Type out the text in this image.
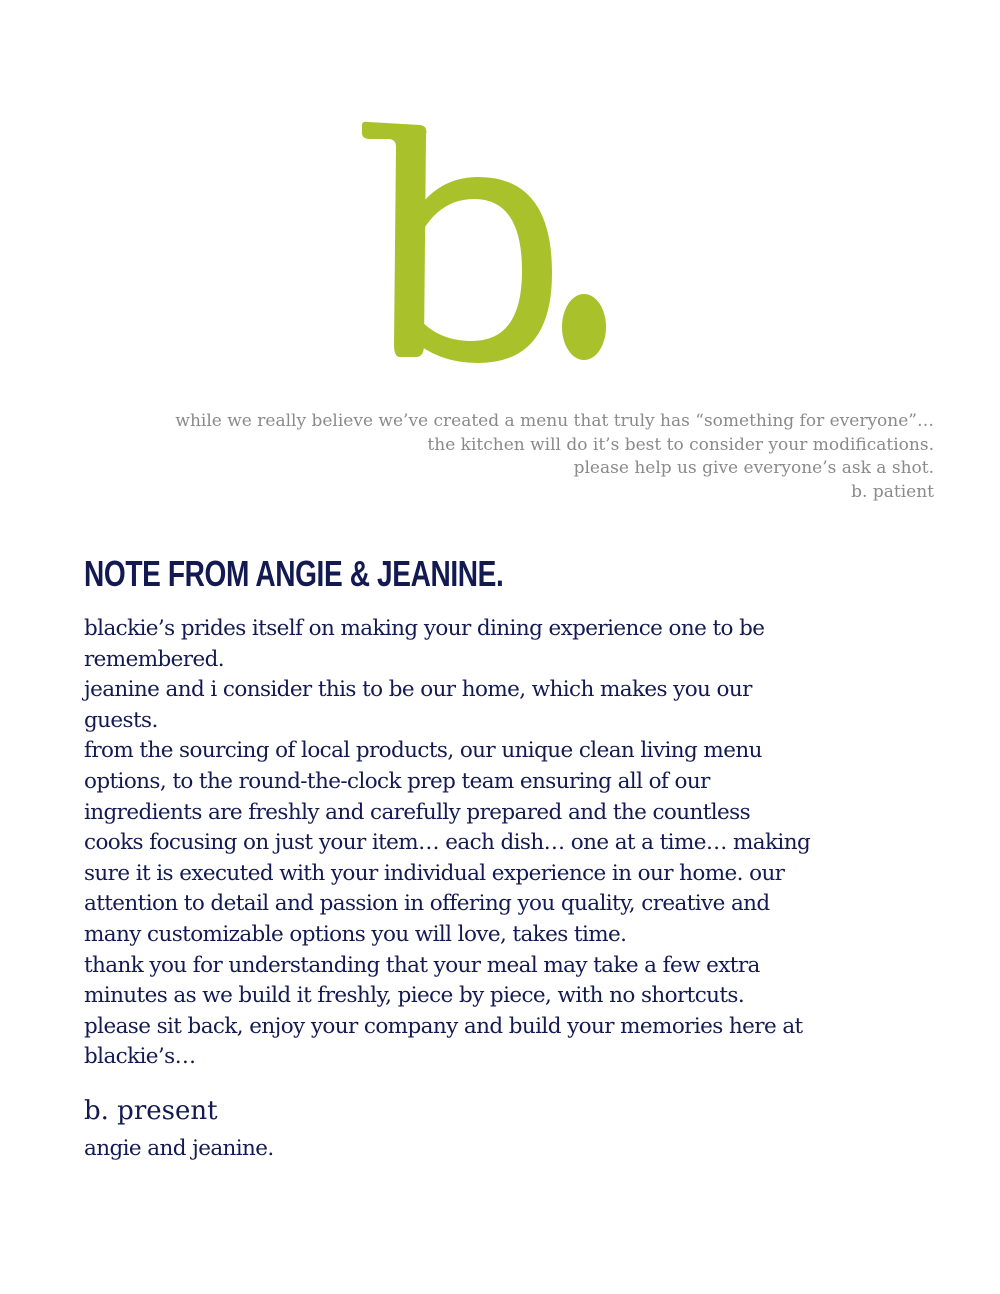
while we really believe we’ve created a menu that truly has “something for everyone”…
the kitchen will do it’s best to consider your modifications.
please help us give everyone’s ask a shot.
b. patient
NOTE FROM ANGIE & JEANINE.
blackie’s prides itself on making your dining experience one to be
remembered.
jeanine and i consider this to be our home, which makes you our
guests.
from the sourcing of local products, our unique clean living menu
options, to the round-the-clock prep team ensuring all of our
ingredients are freshly and carefully prepared and the countless
cooks focusing on just your item… each dish… one at a time… making
sure it is executed with your individual experience in our home. our
attention to detail and passion in offering you quality, creative and
many customizable options you will love, takes time.
thank you for understanding that your meal may take a few extra
minutes as we build it freshly, piece by piece, with no shortcuts.
please sit back, enjoy your company and build your memories here at
blackie’s…
b. present
angie and jeanine.
